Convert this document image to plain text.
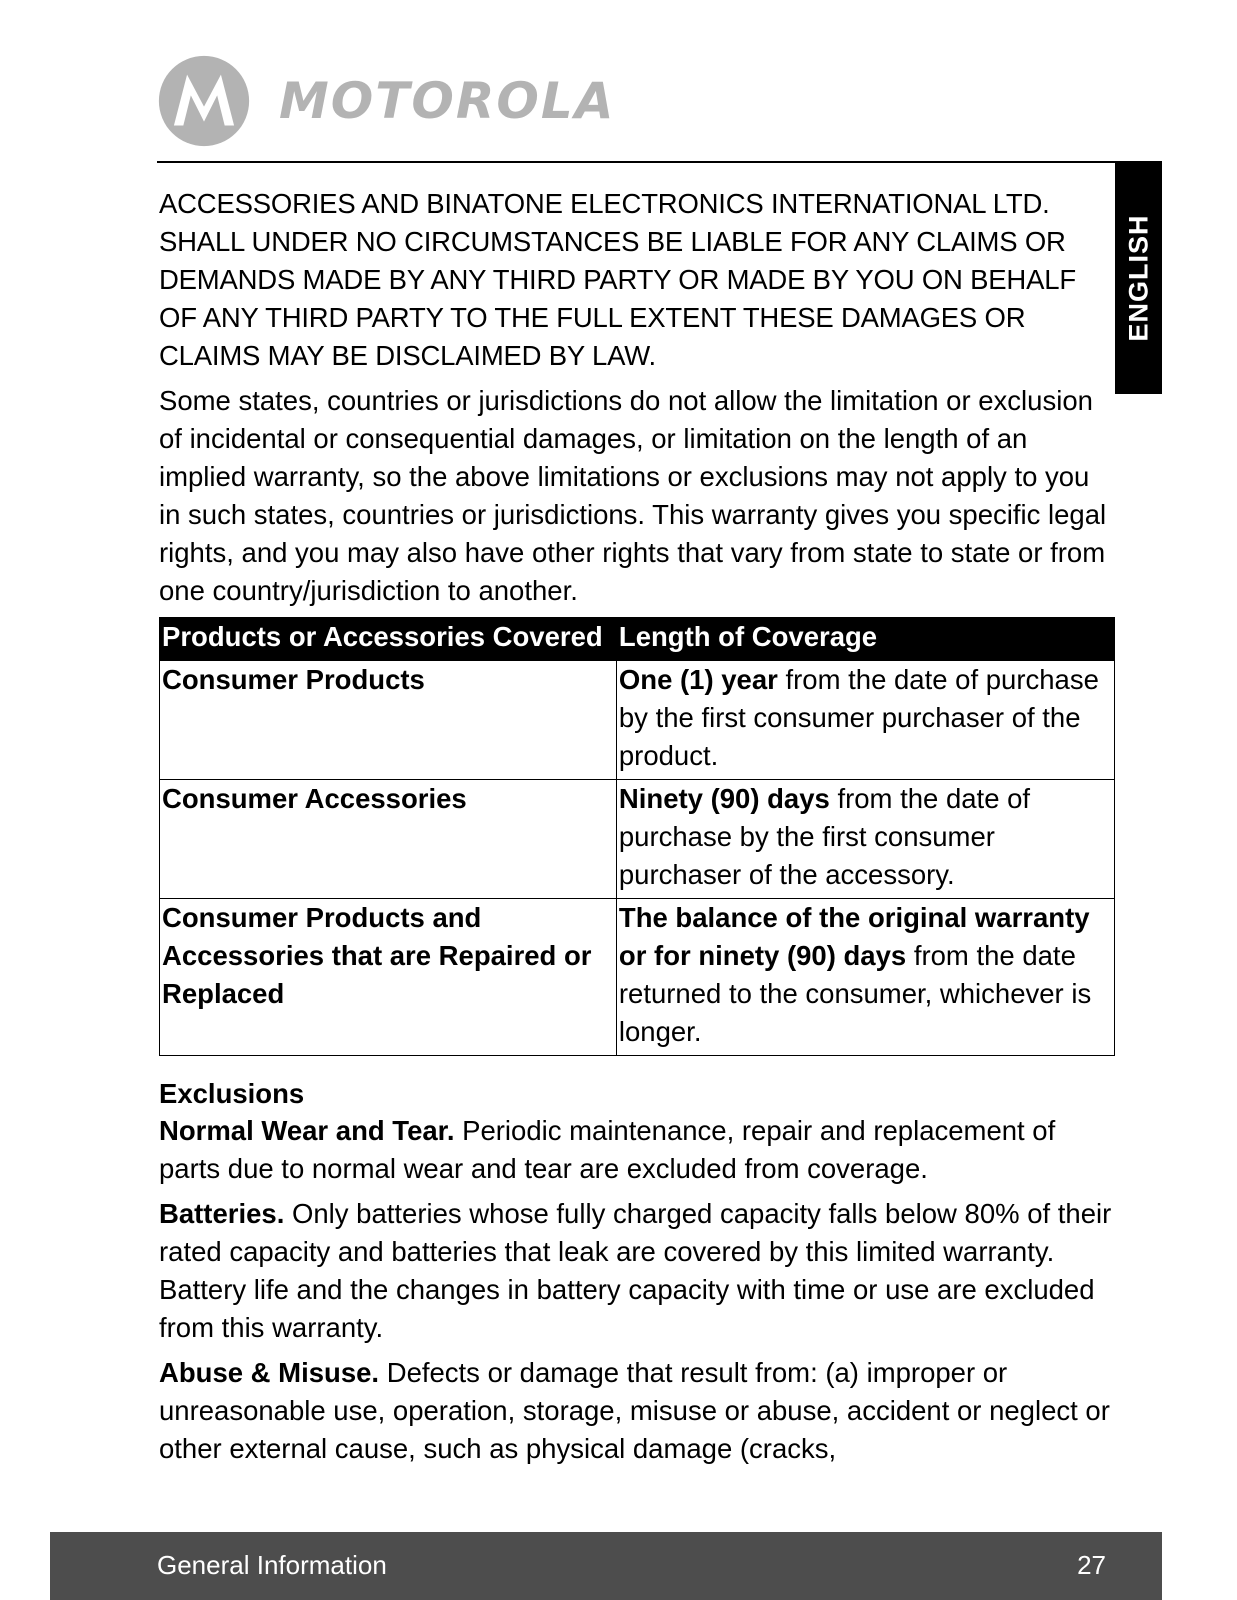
MOTOROLA
ENGLISH

ACCESSORIES AND BINATONE ELECTRONICS INTERNATIONAL LTD. SHALL UNDER NO CIRCUMSTANCES BE LIABLE FOR ANY CLAIMS OR DEMANDS MADE BY ANY THIRD PARTY OR MADE BY YOU ON BEHALF OF ANY THIRD PARTY TO THE FULL EXTENT THESE DAMAGES OR CLAIMS MAY BE DISCLAIMED BY LAW.

Some states, countries or jurisdictions do not allow the limitation or exclusion of incidental or consequential damages, or limitation on the length of an implied warranty, so the above limitations or exclusions may not apply to you in such states, countries or jurisdictions. This warranty gives you specific legal rights, and you may also have other rights that vary from state to state or from one country/jurisdiction to another.

Products or Accessories Covered	Length of Coverage
Consumer Products	One (1) year from the date of purchase by the first consumer purchaser of the product.
Consumer Accessories	Ninety (90) days from the date of purchase by the first consumer purchaser of the accessory.
Consumer Products and Accessories that are Repaired or Replaced	The balance of the original warranty or for ninety (90) days from the date returned to the consumer, whichever is longer.
Exclusions

Normal Wear and Tear. Periodic maintenance, repair and replacement of parts due to normal wear and tear are excluded from coverage.

Batteries. Only batteries whose fully charged capacity falls below 80% of their rated capacity and batteries that leak are covered by this limited warranty. Battery life and the changes in battery capacity with time or use are excluded from this warranty.

Abuse & Misuse. Defects or damage that result from: (a) improper or unreasonable use, operation, storage, misuse or abuse, accident or neglect or other external cause, such as physical damage (cracks,

General Information	27
